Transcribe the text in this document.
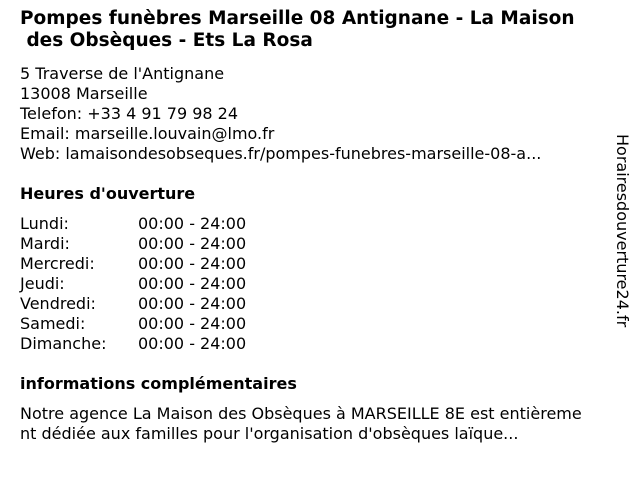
Pompes funèbres Marseille 08 Antignane - La Maison
des Obsèques - Ets La Rosa
5 Traverse de l'Antignane
13008 Marseille
Telefon: +33 4 91 79 98 24
Email: marseille.louvain@lmo.fr
Web: lamaisondesobseques.fr/pompes-funebres-marseille-08-a...
Heures d'ouverture
Lundi:	00:00 - 24:00
Mardi:	00:00 - 24:00
Mercredi:	00:00 - 24:00
Jeudi:	00:00 - 24:00
Vendredi:	00:00 - 24:00
Samedi:	00:00 - 24:00
Dimanche: 00:00 - 24:00
informations complémentaires
Notre agence La Maison des Obsèques à MARSEILLE 8E est entièreme
nt dédiée aux familles pour l'organisation d'obsèques laïque...
Horairesdouverture24.fr
